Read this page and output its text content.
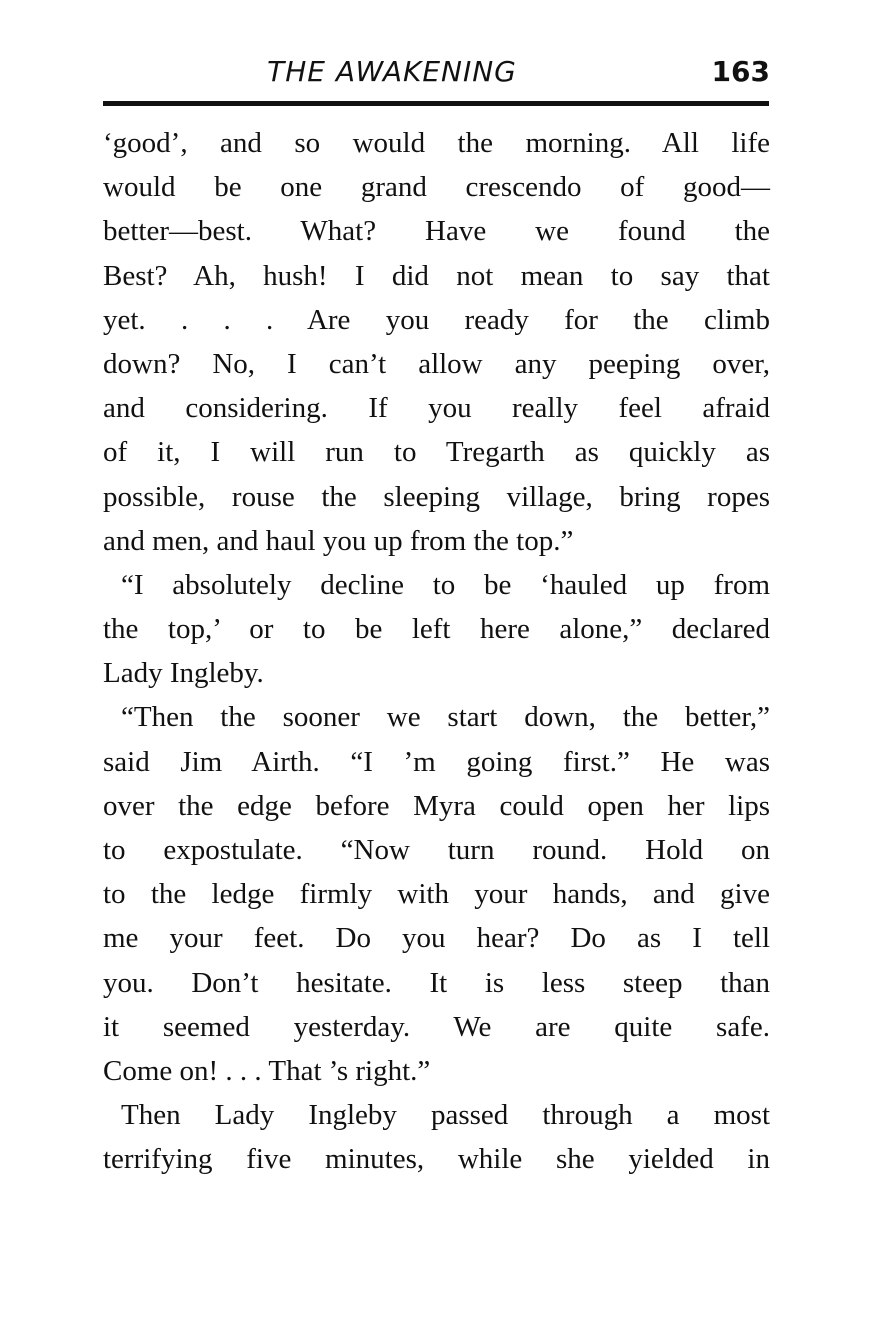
THE AWAKENING	163
‘good’, and so would the morning. All life
would be one grand crescendo of good—
better—best. What? Have we found the
Best? Ah, hush! I did not mean to say that
yet. . . . Are you ready for the climb
down? No, I can’t allow any peeping over,
and considering. If you really feel afraid
of it, I will run to Tregarth as quickly as
possible, rouse the sleeping village, bring ropes
and men, and haul you up from the top.”
“I absolutely decline to be ‘hauled up from
the top,’ or to be left here alone,” declared
Lady Ingleby.
“Then the sooner we start down, the better,”
said Jim Airth. “I ’m going first.” He was
over the edge before Myra could open her lips
to expostulate. “Now turn round. Hold on
to the ledge firmly with your hands, and give
me your feet. Do you hear? Do as I tell
you. Don’t hesitate. It is less steep than
it seemed yesterday. We are quite safe.
Come on! . . . That ’s right.”
Then Lady Ingleby passed through a most
terrifying five minutes, while she yielded in
